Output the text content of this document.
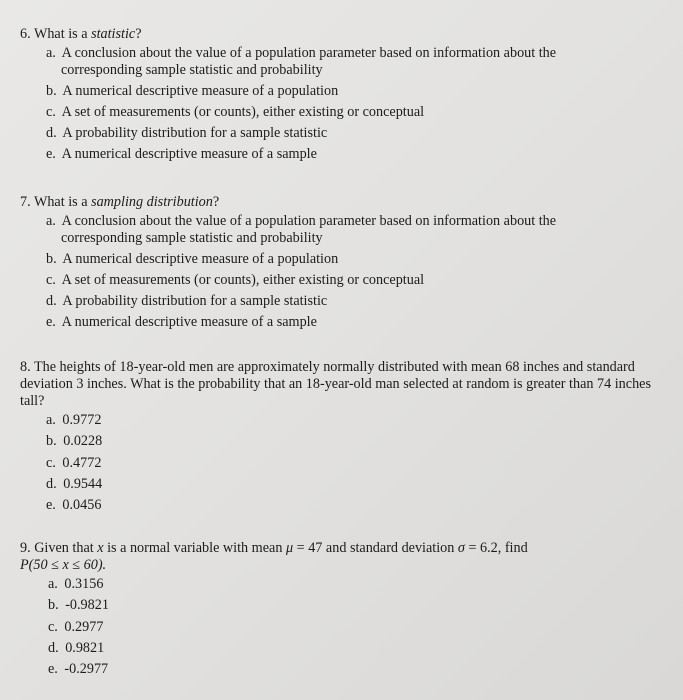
6. What is a statistic?

a. A conclusion about the value of a population parameter based on information about the
corresponding sample statistic and probability
b. A numerical descriptive measure of a population
c. A set of measurements (or counts), either existing or conceptual
d. A probability distribution for a sample statistic
e. A numerical descriptive measure of a sample

7. What is a sampling distribution?

a. A conclusion about the value of a population parameter based on information about the
corresponding sample statistic and probability
b. A numerical descriptive measure of a population
c. A set of measurements (or counts), either existing or conceptual
d. A probability distribution for a sample statistic
e. A numerical descriptive measure of a sample

8. The heights of 18-year-old men are approximately normally distributed with mean 68 inches and standard deviation 3 inches. What is the probability that an 18-year-old man selected at random is greater than 74 inches tall?

a. 0.9772
b. 0.0228
c. 0.4772
d. 0.9544
e. 0.0456

9. Given that x is a normal variable with mean μ = 47 and standard deviation σ = 6.2, find
P(50 ≤ x ≤ 60).

a. 0.3156
b. -0.9821
c. 0.2977
d. 0.9821
e. -0.2977
